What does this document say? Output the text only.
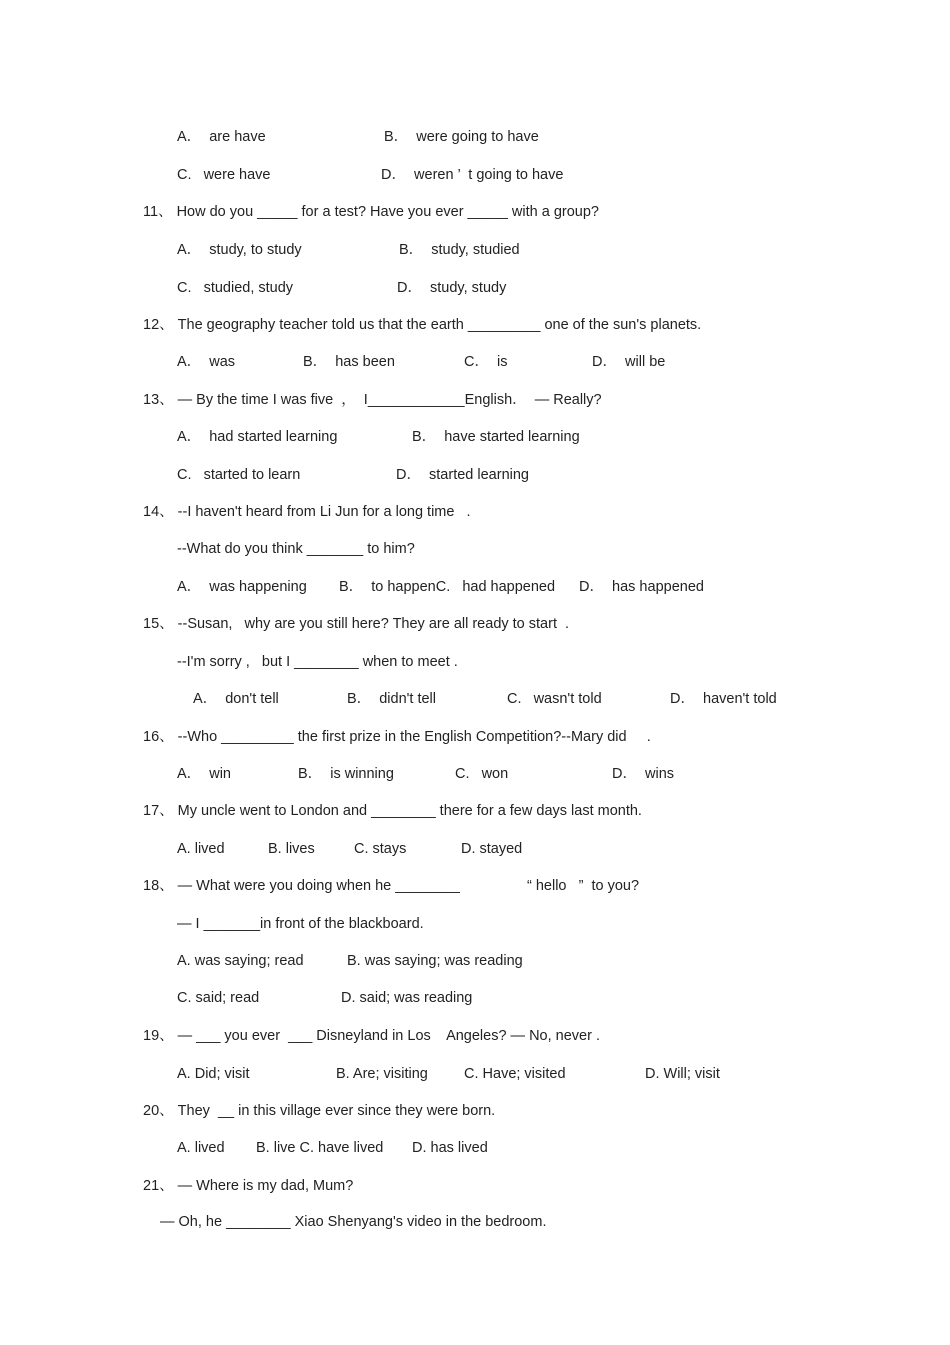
A．  are have	B．  were going to have
C.   were have	D．  weren ’  t going to have
11、 How do you _____ for a test? Have you ever _____ with a group?
A．  study, to study	B．  study, studied
C.   studied, study	D．  study, study
12、 The geography teacher told us that the earth _________ one of the sun's planets.
A．  was	B．  has been	C．  is	D．  will be
13、 — By the time I was five  ，  I____________English．  — Really?
A．  had started learning	B．  have started learning
C.   started to learn	D．  started learning
14、 --I haven't heard from Li Jun for a long time   .
--What do you think _______ to him?
A．  was happening B．  to happenC.   had happened D．  has happened
15、 --Susan,   why are you still here? They are all ready to start  .
--I'm sorry ,   but I ________ when to meet .
A．  don't tell	B．  didn't tell	C.   wasn't told	D．  haven't told
16、 --Who _________ the first prize in the English Competition?--Mary did     .
A．  win	B．  is winning	C.   won	D．  wins
17、 My uncle went to London and ________ there for a few days last month.
A. lived	B. lives	C. stays	D. stayed
18、 — What were you doing when he ________	“ hello   ”  to you?
— I _______in front of the blackboard.
A. was saying; read	B. was saying; was reading
C. said; read	D. said; was reading
19、 — ___ you ever  ___ Disneyland in Los    Angeles? — No, never .
A. Did; visit	B. Are; visiting C. Have; visited	D. Will; visit
20、 They  __ in this village ever since they were born.
A. lived B. live C. have lived D. has lived
21、 — Where is my dad, Mum?
— Oh, he ________ Xiao Shenyang's video in the bedroom.
